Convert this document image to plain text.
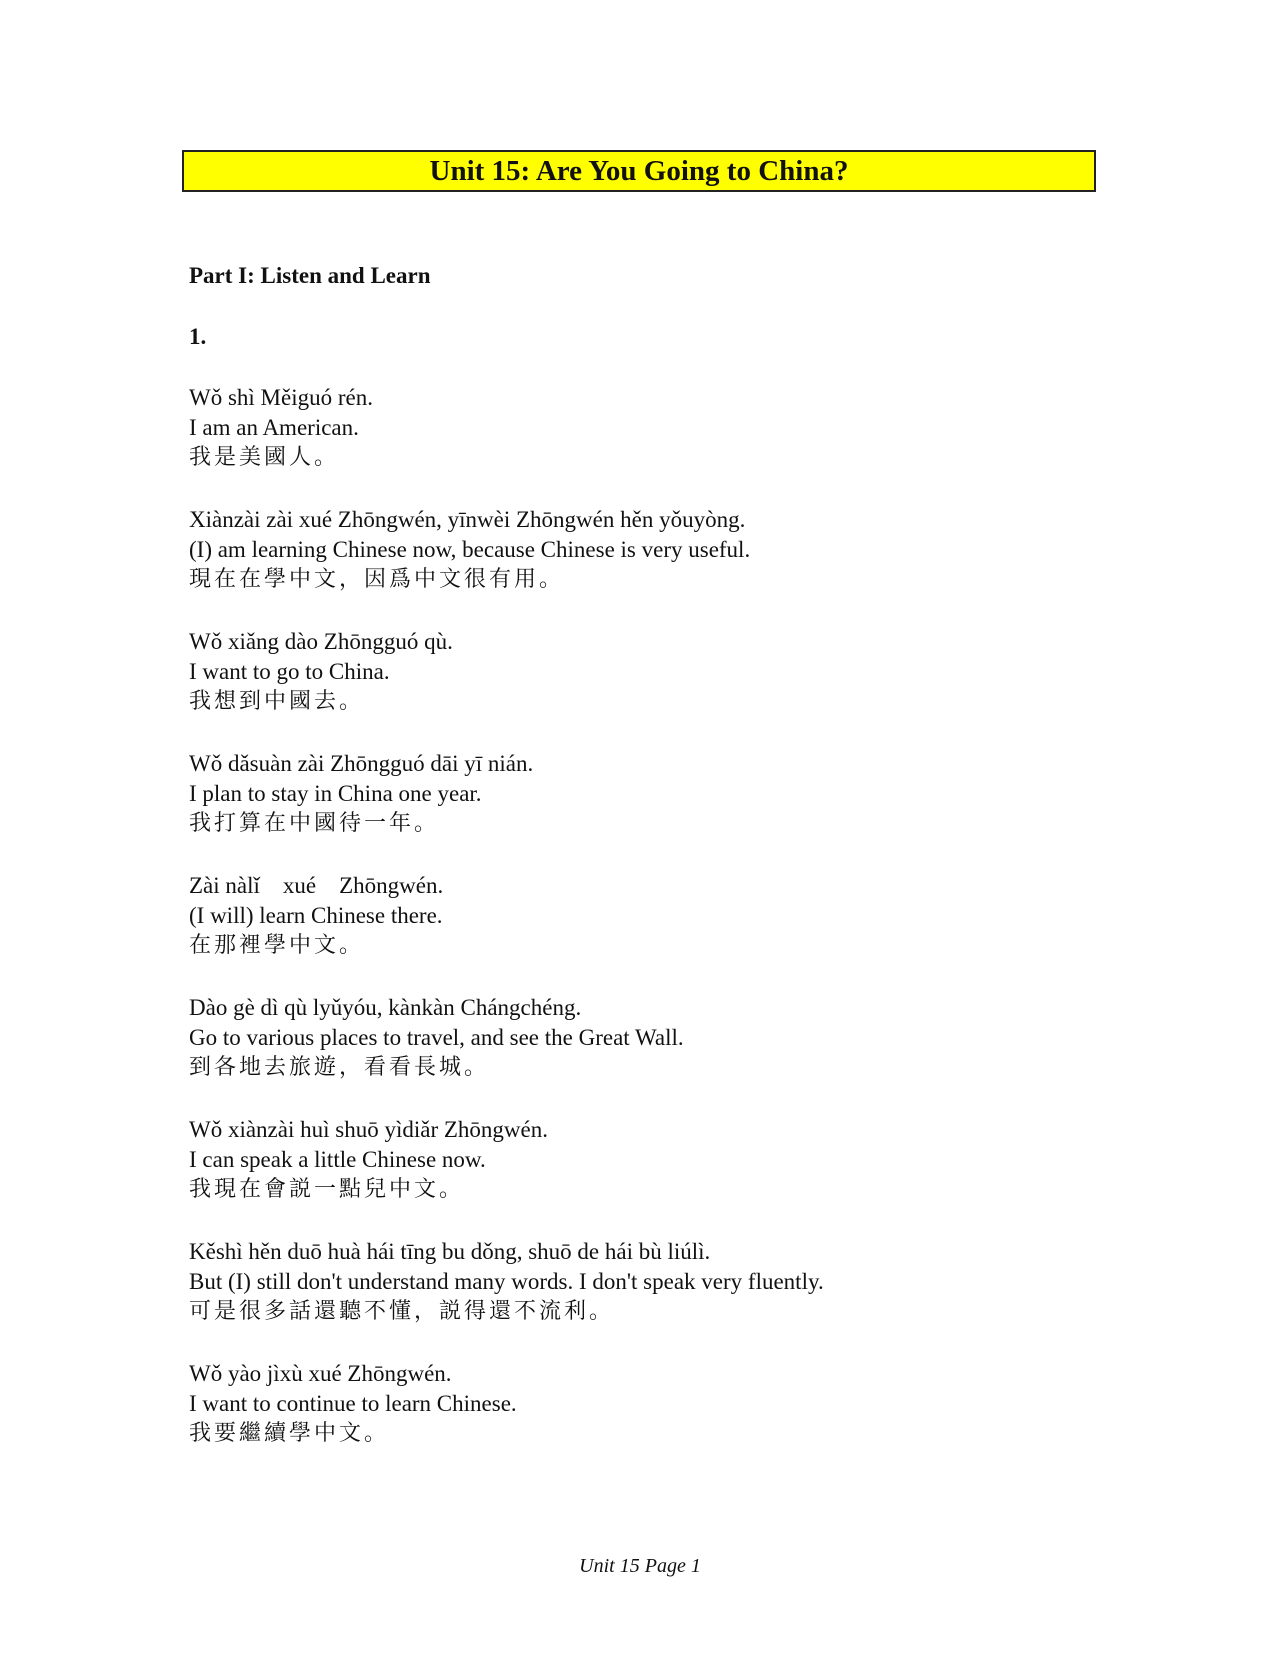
Unit 15: Are You Going to China?
Part I: Listen and Learn
1.
Wǒ shì Měiguó rén.
I am an American.
我是美國人。
Xiànzài zài xué Zhōngwén, yīnwèi Zhōngwén hěn yǒuyòng.
(I) am learning Chinese now, because Chinese is very useful.
現在在學中文，因爲中文很有用。
Wǒ xiǎng dào Zhōngguó qù.
I want to go to China.
我想到中國去。
Wǒ dǎsuàn zài Zhōngguó dāi yī nián.
I plan to stay in China one year.
我打算在中國待一年。
Zài nàlǐ    xué    Zhōngwén.
(I will) learn Chinese there.
在那裡學中文。
Dào gè dì qù lyǔyóu, kànkàn Chángchéng.
Go to various places to travel, and see the Great Wall.
到各地去旅遊，看看長城。
Wǒ xiànzài huì shuō yìdiǎr Zhōngwén.
I can speak a little Chinese now.
我現在會説一點兒中文。
Kěshì hěn duō huà hái tīng bu dǒng, shuō de hái bù liúlì.
But (I) still don't understand many words. I don't speak very fluently.
可是很多話還聽不懂，説得還不流利。
Wǒ yào jìxù xué Zhōngwén.
I want to continue to learn Chinese.
我要繼續學中文。
Unit 15 Page 1
